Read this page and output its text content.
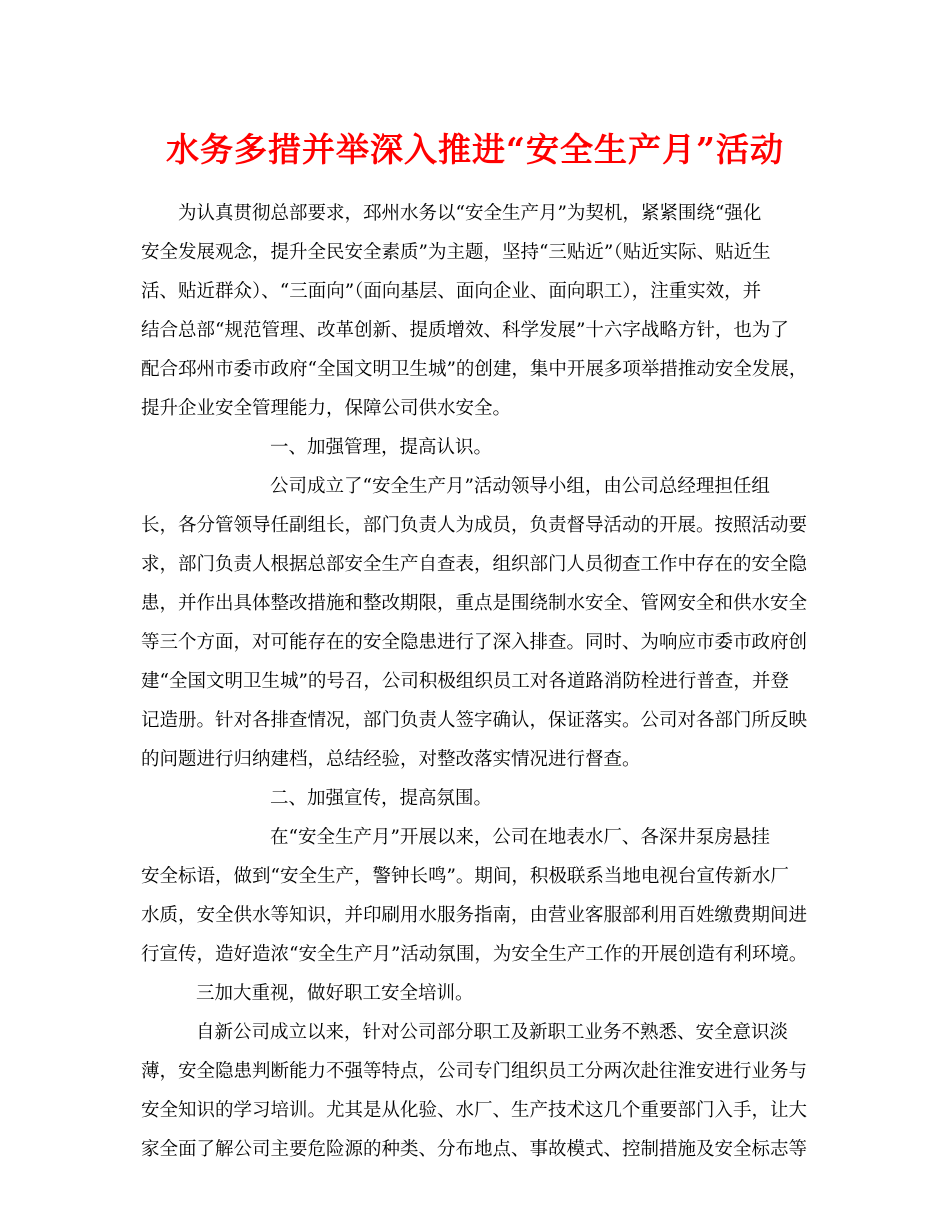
水务多措并举深入推进“安全生产月”活动
为认真贯彻总部要求，邳州水务以“安全生产月”为契机，紧紧围绕“强化
安全发展观念，提升全民安全素质”为主题，坚持“三贴近”（贴近实际、贴近生
活、贴近群众）、“三面向”（面向基层、面向企业、面向职工），注重实效，并
结合总部“规范管理、改革创新、提质增效、科学发展”十六字战略方针，也为了
配合邳州市委市政府“全国文明卫生城”的创建，集中开展多项举措推动安全发展，
提升企业安全管理能力，保障公司供水安全。
一、加强管理，提高认识。
公司成立了“安全生产月”活动领导小组，由公司总经理担任组
长，各分管领导任副组长，部门负责人为成员，负责督导活动的开展。按照活动要
求，部门负责人根据总部安全生产自查表，组织部门人员彻查工作中存在的安全隐
患，并作出具体整改措施和整改期限，重点是围绕制水安全、管网安全和供水安全
等三个方面，对可能存在的安全隐患进行了深入排查。同时、为响应市委市政府创
建“全国文明卫生城”的号召，公司积极组织员工对各道路消防栓进行普查，并登
记造册。针对各排查情况，部门负责人签字确认，保证落实。公司对各部门所反映
的问题进行归纳建档，总结经验，对整改落实情况进行督查。
二、加强宣传，提高氛围。
在“安全生产月”开展以来，公司在地表水厂、各深井泵房悬挂
安全标语，做到“安全生产，警钟长鸣”。期间，积极联系当地电视台宣传新水厂
水质，安全供水等知识，并印刷用水服务指南，由营业客服部利用百姓缴费期间进
行宣传，造好造浓“安全生产月”活动氛围，为安全生产工作的开展创造有利环境。
三加大重视，做好职工安全培训。
自新公司成立以来，针对公司部分职工及新职工业务不熟悉、安全意识淡
薄，安全隐患判断能力不强等特点，公司专门组织员工分两次赴往淮安进行业务与
安全知识的学习培训。尤其是从化验、水厂、生产技术这几个重要部门入手，让大
家全面了解公司主要危险源的种类、分布地点、事故模式、控制措施及安全标志等
